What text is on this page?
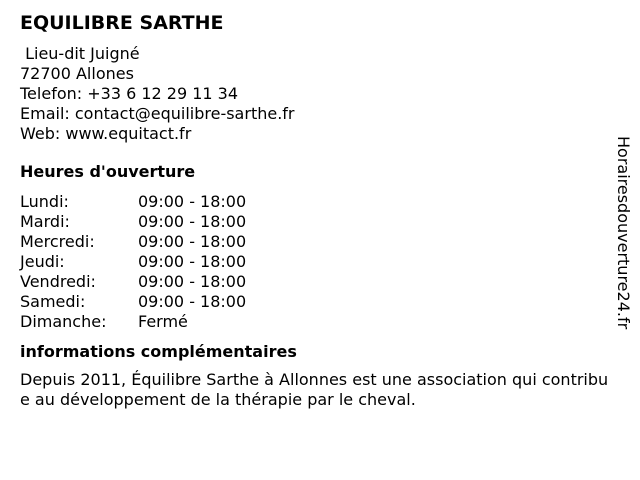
EQUILIBRE SARTHE
Lieu-dit Juigné
72700 Allones
Telefon: +33 6 12 29 11 34
Email: contact@equilibre-sarthe.fr
Web: www.equitact.fr
Heures d'ouverture
Lundi:	09:00 - 18:00
Mardi:	09:00 - 18:00
Mercredi:	09:00 - 18:00
Jeudi:	09:00 - 18:00
Vendredi:	09:00 - 18:00
Samedi:	09:00 - 18:00
Dimanche:	Fermé
informations complémentaires
Depuis 2011, Équilibre Sarthe à Allonnes est une association qui contribue au développement de la thérapie par le cheval.
Horairesdouverture24.fr
